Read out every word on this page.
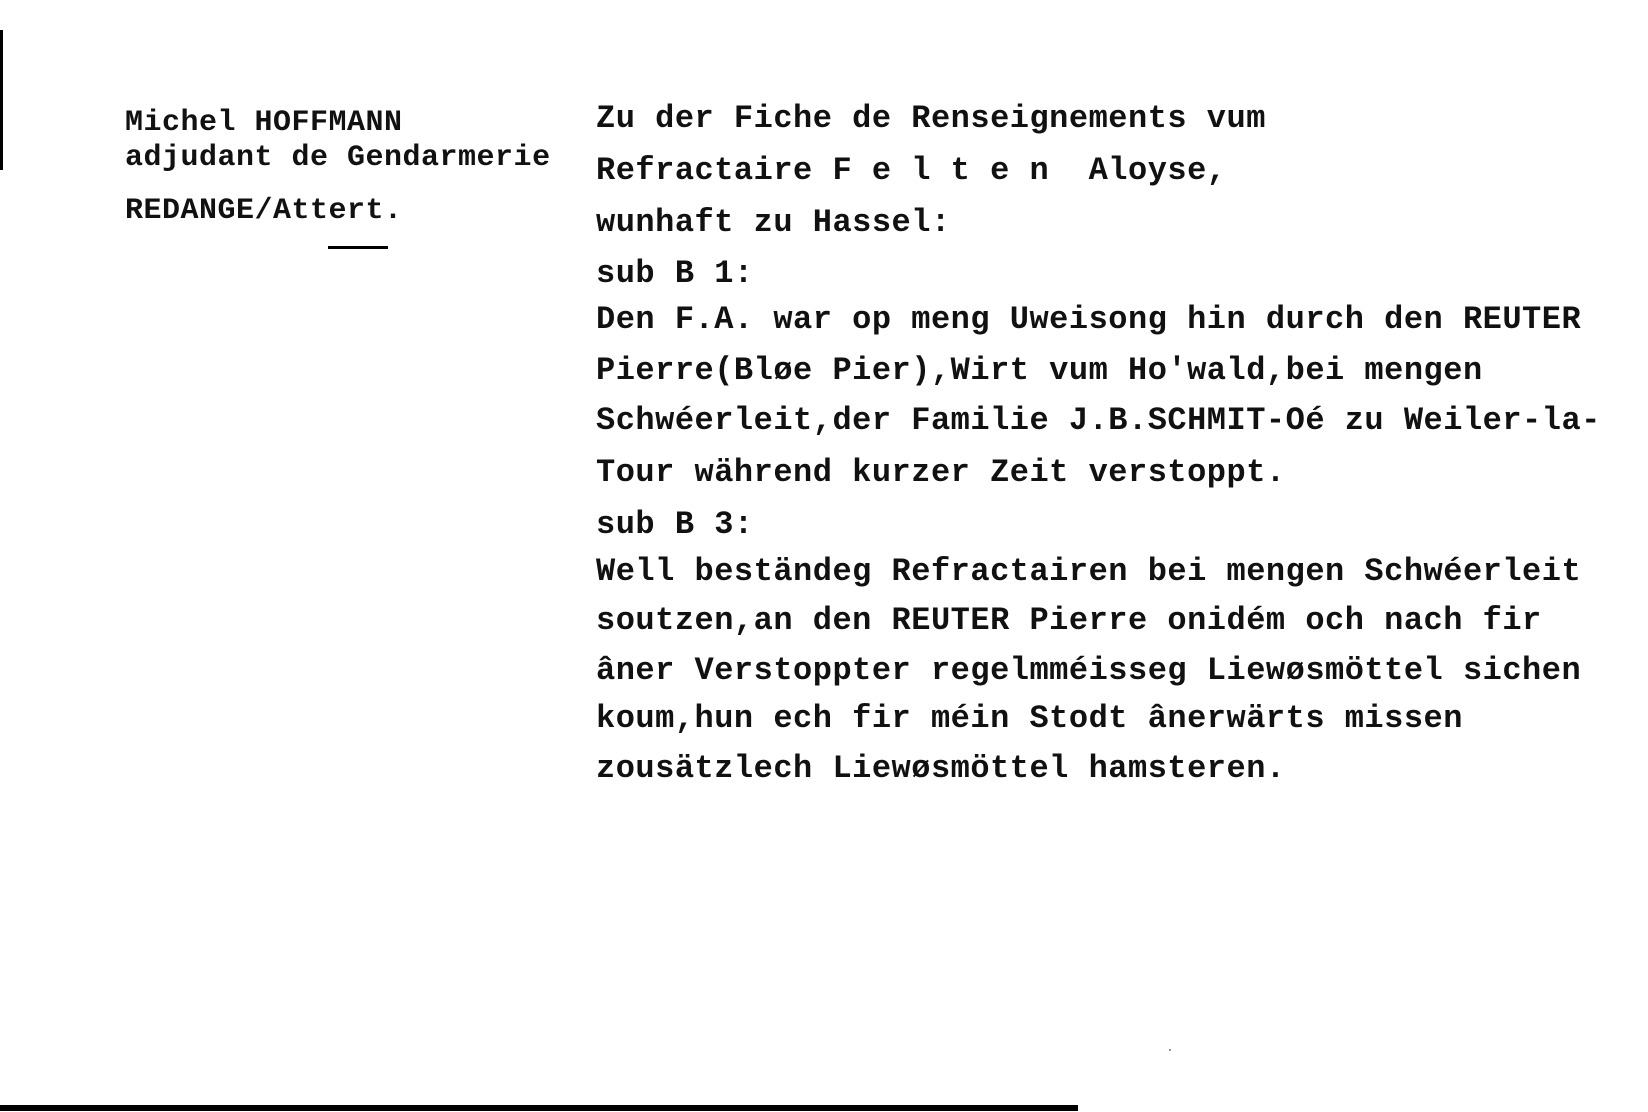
Michel HOFFMANN
adjudant de Gendarmerie
REDANGE/Attert.
Zu der Fiche de Renseignements vum
Refractaire F e l t e n  Aloyse,
wunhaft zu Hassel:
sub B 1:
Den F.A. war op meng Uweisong hin durch den REUTER
Pierre(Bløe Pier),Wirt vum Ho'wald,bei mengen
Schwéerleit,der Familie J.B.SCHMIT-Oé zu Weiler-la-
Tour während kurzer Zeit verstoppt.
sub B 3:
Well beständeg Refractairen bei mengen Schwéerleit
soutzen,an den REUTER Pierre onidém och nach fir
âner Verstoppter regelmméisseg Liewøsmöttel sichen
koum,hun ech fir méin Stodt ânerwärts missen
zousätzlech Liewøsmöttel hamsteren.
